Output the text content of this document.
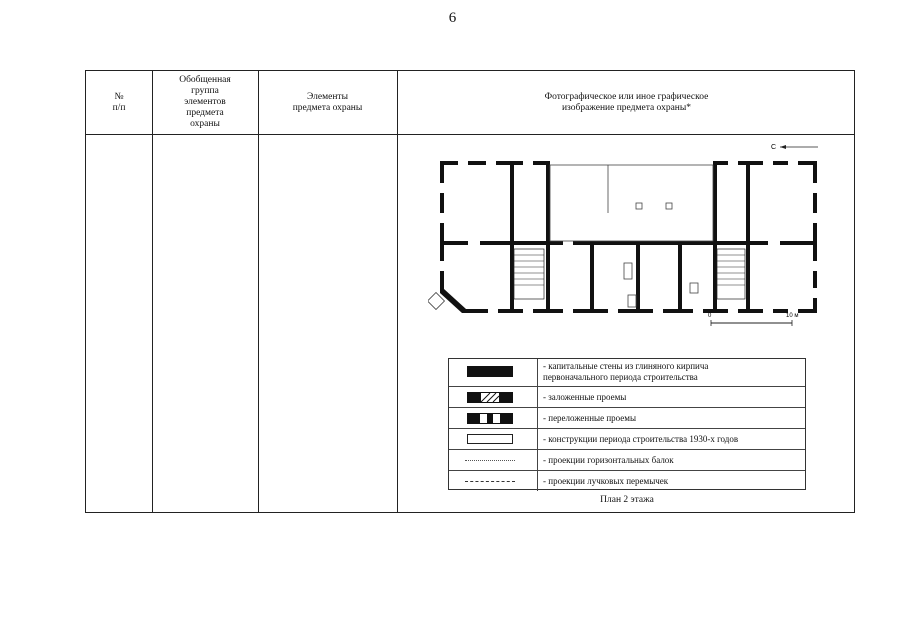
6
№
п/п
Обобщенная
группа
элементов
предмета
охраны
Элементы
предмета охраны
Фотографическое или иное графическое
изображение предмета охраны*
С
0	10 м
- капитальные стены из глиняного кирпича
первоначального периода строительства
- заложенные проемы
- переложенные проемы
- конструкции периода строительства 1930-х годов
- проекции горизонтальных балок
- проекции лучковых перемычек
План 2 этажа
